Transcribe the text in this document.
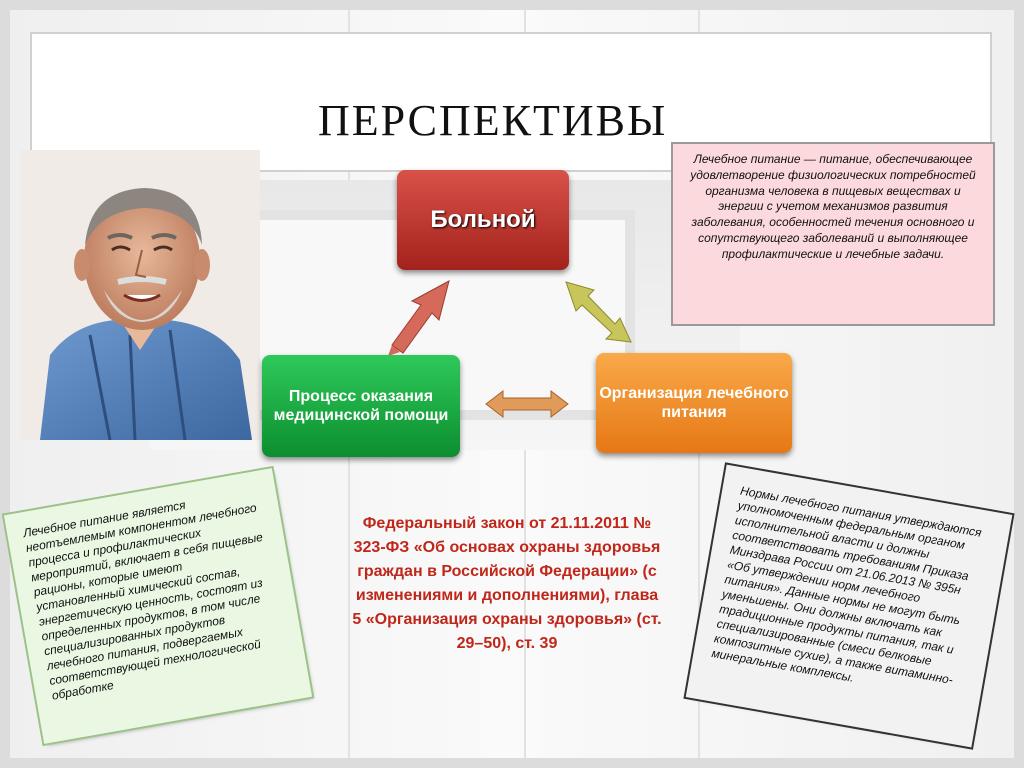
ПЕРСПЕКТИВЫ
Больной
Процесс оказания медицинской помощи
Организация лечебного питания
Лечебное питание — питание, обеспечивающее удовлетворение физиологических потребностей организма человека в пищевых веществах и энергии с учетом механизмов развития заболевания, особенностей течения основного и сопутствующего заболеваний и выполняющее профилактические и лечебные задачи.
Федеральный закон от 21.11.2011 № 323-ФЗ «Об основах охраны здоровья граждан в Российской Федерации» (с изменениями и дополнениями), глава 5 «Организация охраны здоровья» (ст. 29–50), ст. 39
Лечебное питание является неотъемлемым компонентом лечебного процесса и профилактических мероприятий, включает в себя пищевые рационы, которые имеют установленный химический состав, энергетическую ценность, состоят из определенных продуктов, в том числе специализированных продуктов лечебного питания, подвергаемых соответствующей технологической обработке
Нормы лечебного питания утверждаются уполномоченным федеральным органом исполнительной власти и должны соответствовать требованиям Приказа Минздрава России от 21.06.2013 № 395н «Об утверждении норм лечебного питания». Данные нормы не могут быть уменьшены. Они должны включать как традиционные продукты питания, так и специализированные (смеси белковые композитные сухие), а также витаминно-минеральные комплексы.
